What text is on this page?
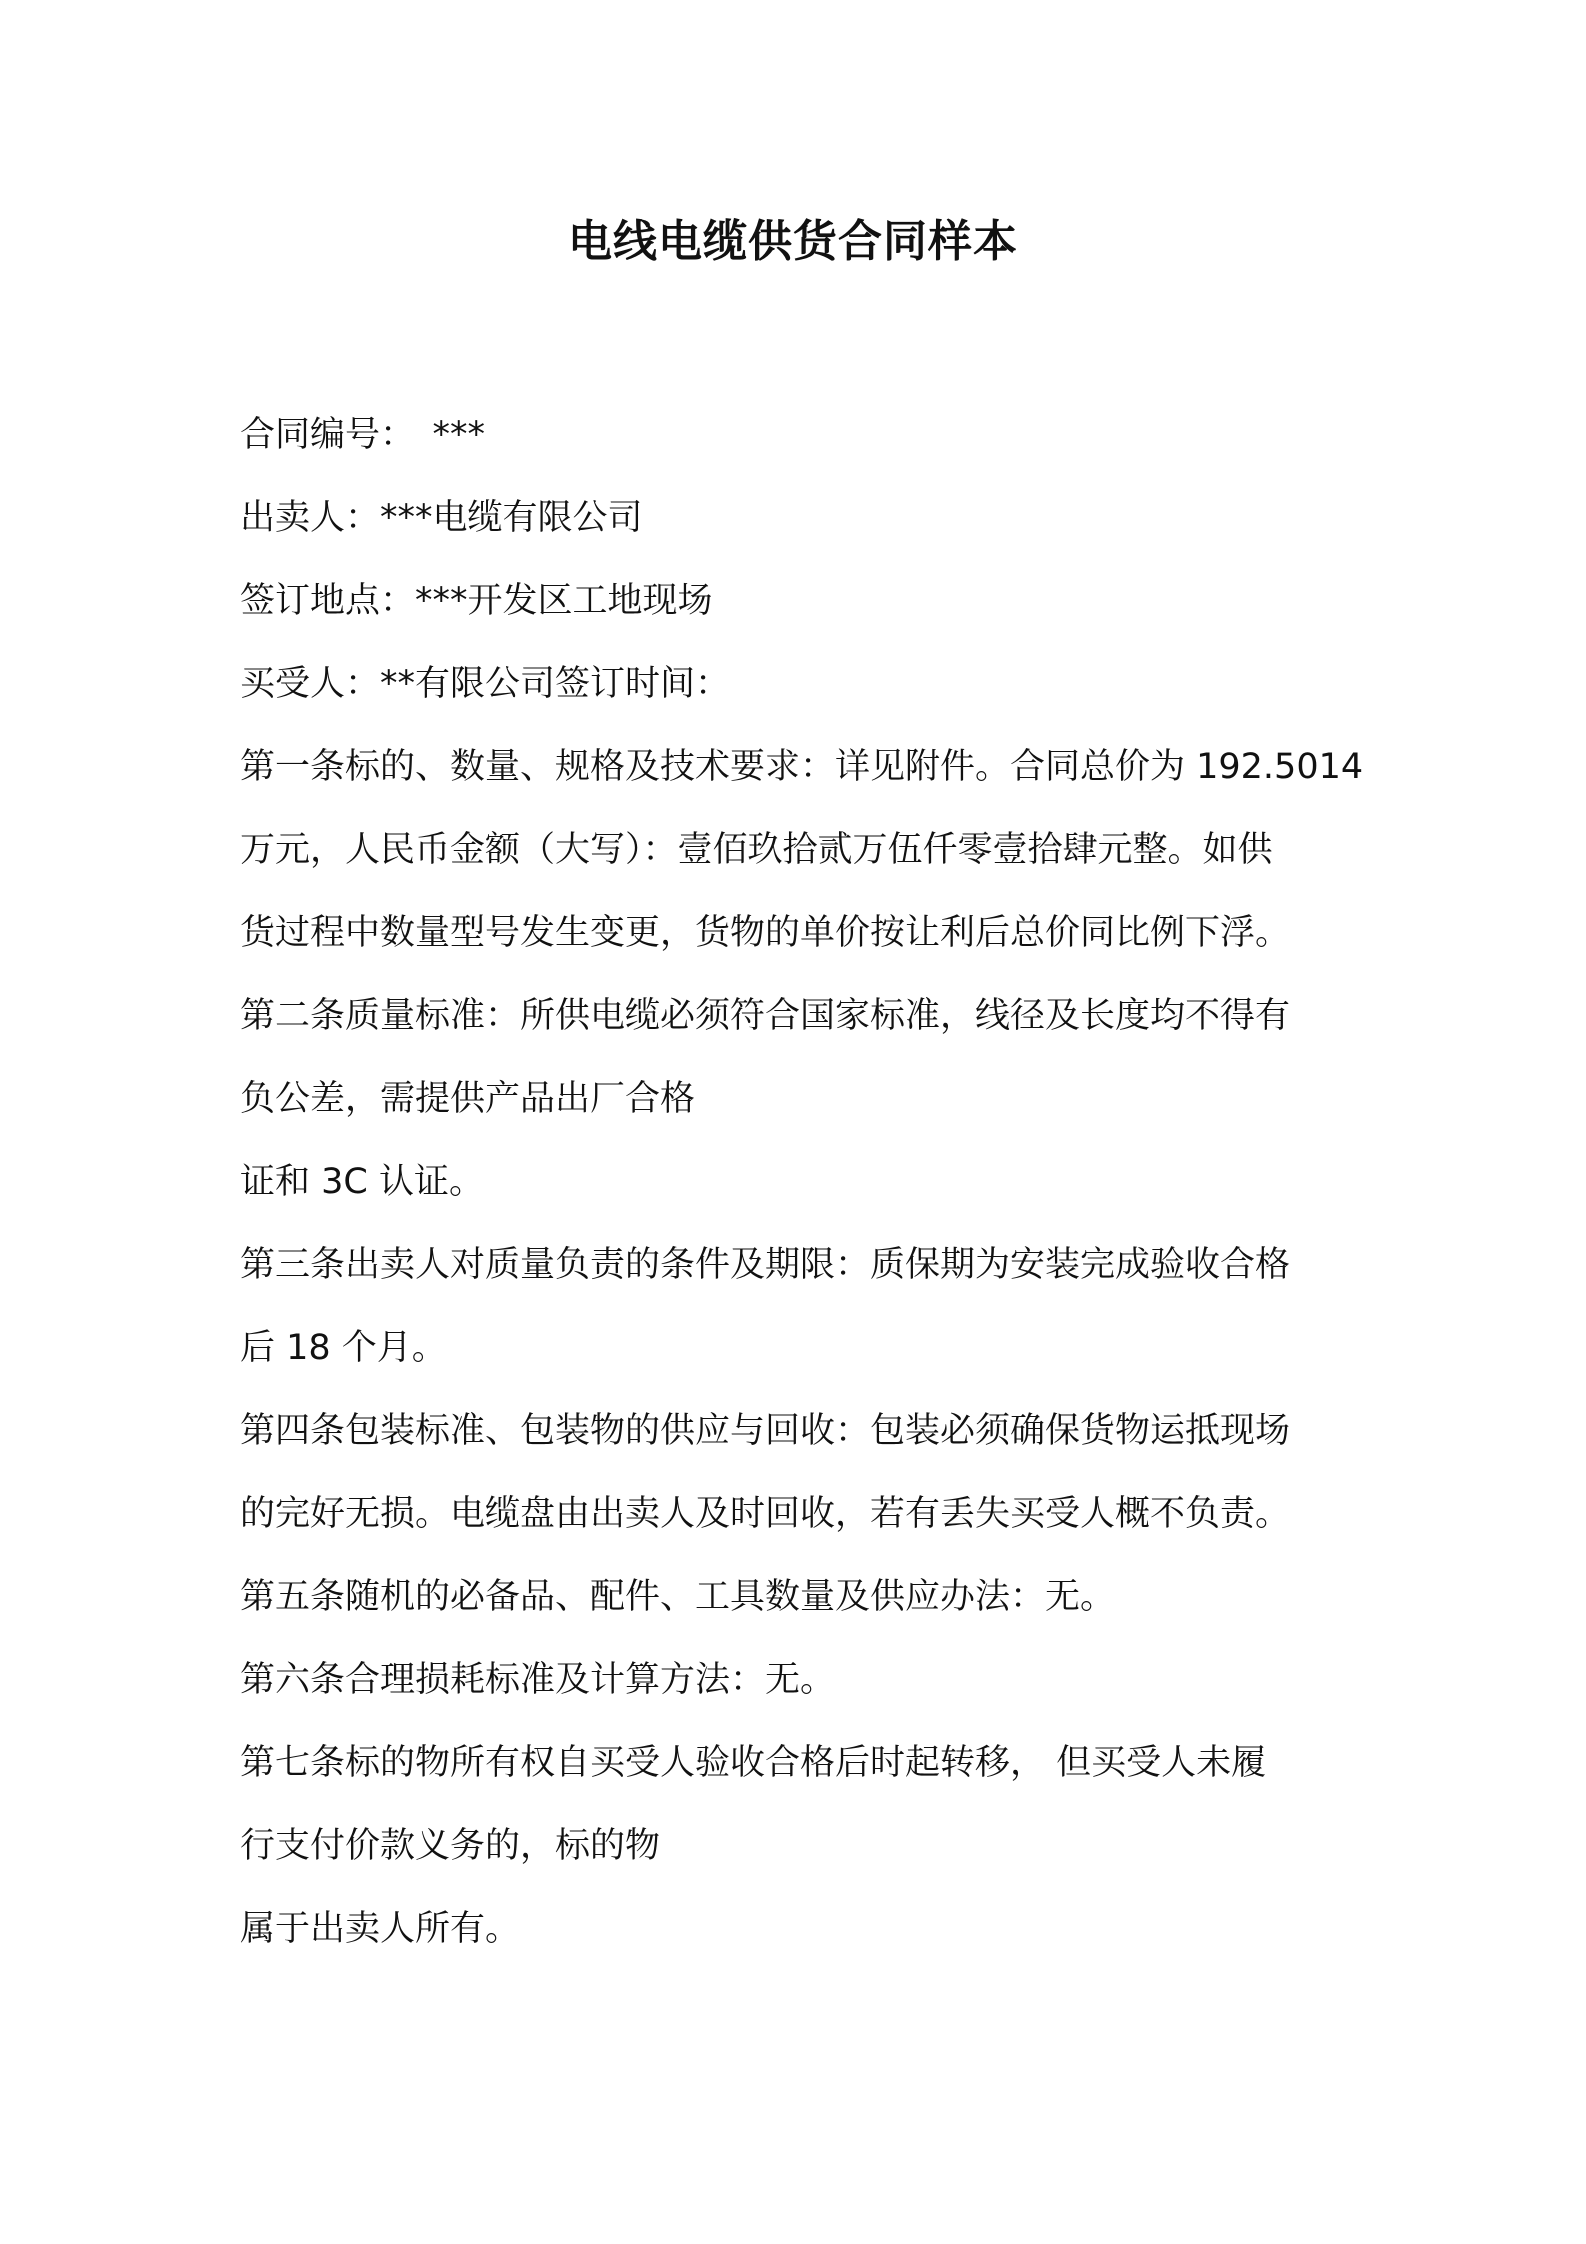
电线电缆供货合同样本
合同编号：　***
出卖人：***电缆有限公司
签订地点：***开发区工地现场
买受人：**有限公司签订时间：
第一条标的、数量、规格及技术要求：详见附件。合同总价为 192.5014
万元，人民币金额（大写）：壹佰玖拾贰万伍仟零壹拾肆元整。如供
货过程中数量型号发生变更，货物的单价按让利后总价同比例下浮。
第二条质量标准：所供电缆必须符合国家标准，线径及长度均不得有
负公差，需提供产品出厂合格
证和 3C 认证。
第三条出卖人对质量负责的条件及期限：质保期为安装完成验收合格
后 18 个月。
第四条包装标准、包装物的供应与回收：包装必须确保货物运抵现场
的完好无损。电缆盘由出卖人及时回收，若有丢失买受人概不负责。
第五条随机的必备品、配件、工具数量及供应办法：无。
第六条合理损耗标准及计算方法：无。
第七条标的物所有权自买受人验收合格后时起转移， 但买受人未履
行支付价款义务的，标的物
属于出卖人所有。
